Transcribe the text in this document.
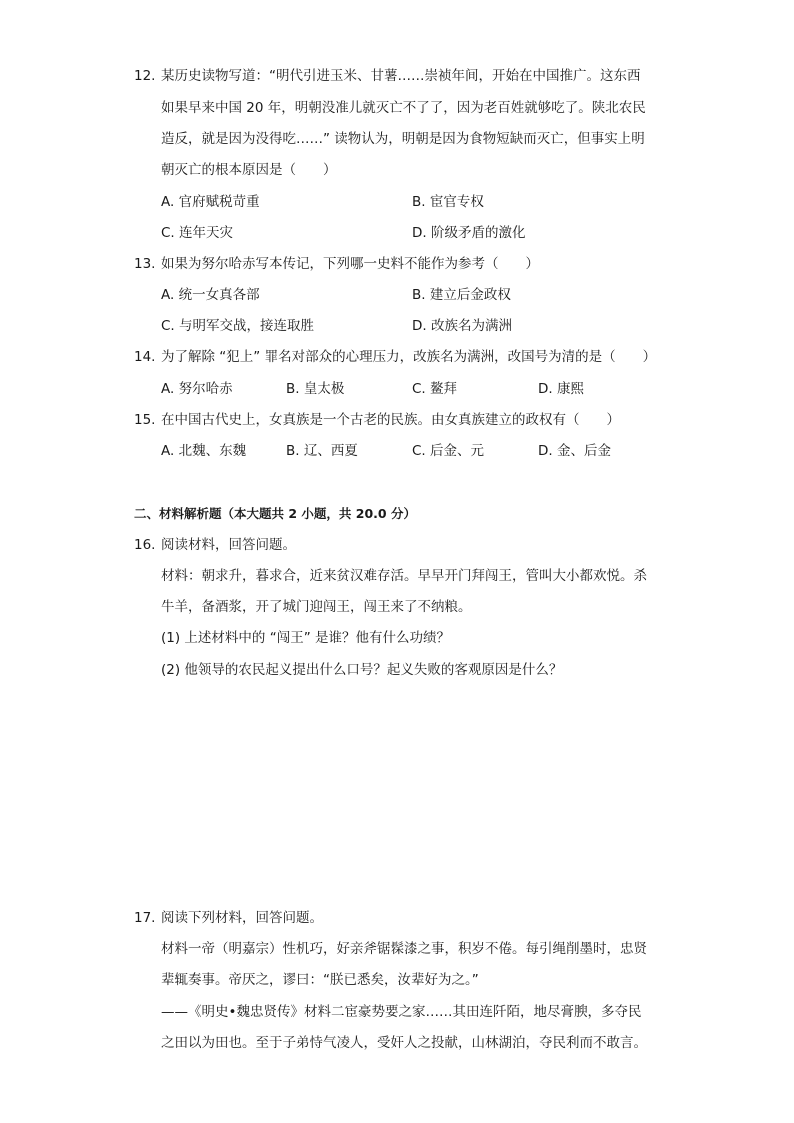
12. 某历史读物写道：“明代引进玉米、甘薯……崇祯年间，开始在中国推广。这东西
如果早来中国 20 年，明朝没准儿就灭亡不了了，因为老百姓就够吃了。陕北农民
造反，就是因为没得吃……” 读物认为，明朝是因为食物短缺而灭亡，但事实上明
朝灭亡的根本原因是（　　）
A. 官府赋税苛重	B. 宦官专权
C. 连年天灾	D. 阶级矛盾的激化
13. 如果为努尔哈赤写本传记，下列哪一史料不能作为参考（　　）
A. 统一女真各部	B. 建立后金政权
C. 与明军交战，接连取胜	D. 改族名为满洲
14. 为了解除 “犯上” 罪名对部众的心理压力，改族名为满洲，改国号为清的是（　　）
A. 努尔哈赤	B. 皇太极	C. 鳌拜	D. 康熙
15. 在中国古代史上，女真族是一个古老的民族。由女真族建立的政权有（　　）
A. 北魏、东魏	B. 辽、西夏	C. 后金、元	D. 金、后金
二、材料解析题（本大题共 2 小题，共 20.0 分）
16. 阅读材料，回答问题。
材料：朝求升，暮求合，近来贫汉难存活。早早开门拜闯王，管叫大小都欢悦。杀
牛羊，备酒浆，开了城门迎闯王，闯王来了不纳粮。
(1) 上述材料中的 “闯王” 是谁？他有什么功绩？
(2) 他领导的农民起义提出什么口号？起义失败的客观原因是什么？
17. 阅读下列材料，回答问题。
材料一帝（明嘉宗）性机巧，好亲斧锯髹漆之事，积岁不倦。每引绳削墨时，忠贤
辈辄奏事。帝厌之，谬曰：“朕已悉矣，汝辈好为之。”
——《明史•魏忠贤传》材料二宦豪势要之家……其田连阡陌，地尽膏腴，多夺民
之田以为田也。至于子弟恃气凌人，受奸人之投献，山林湖泊，夺民利而不敢言。
